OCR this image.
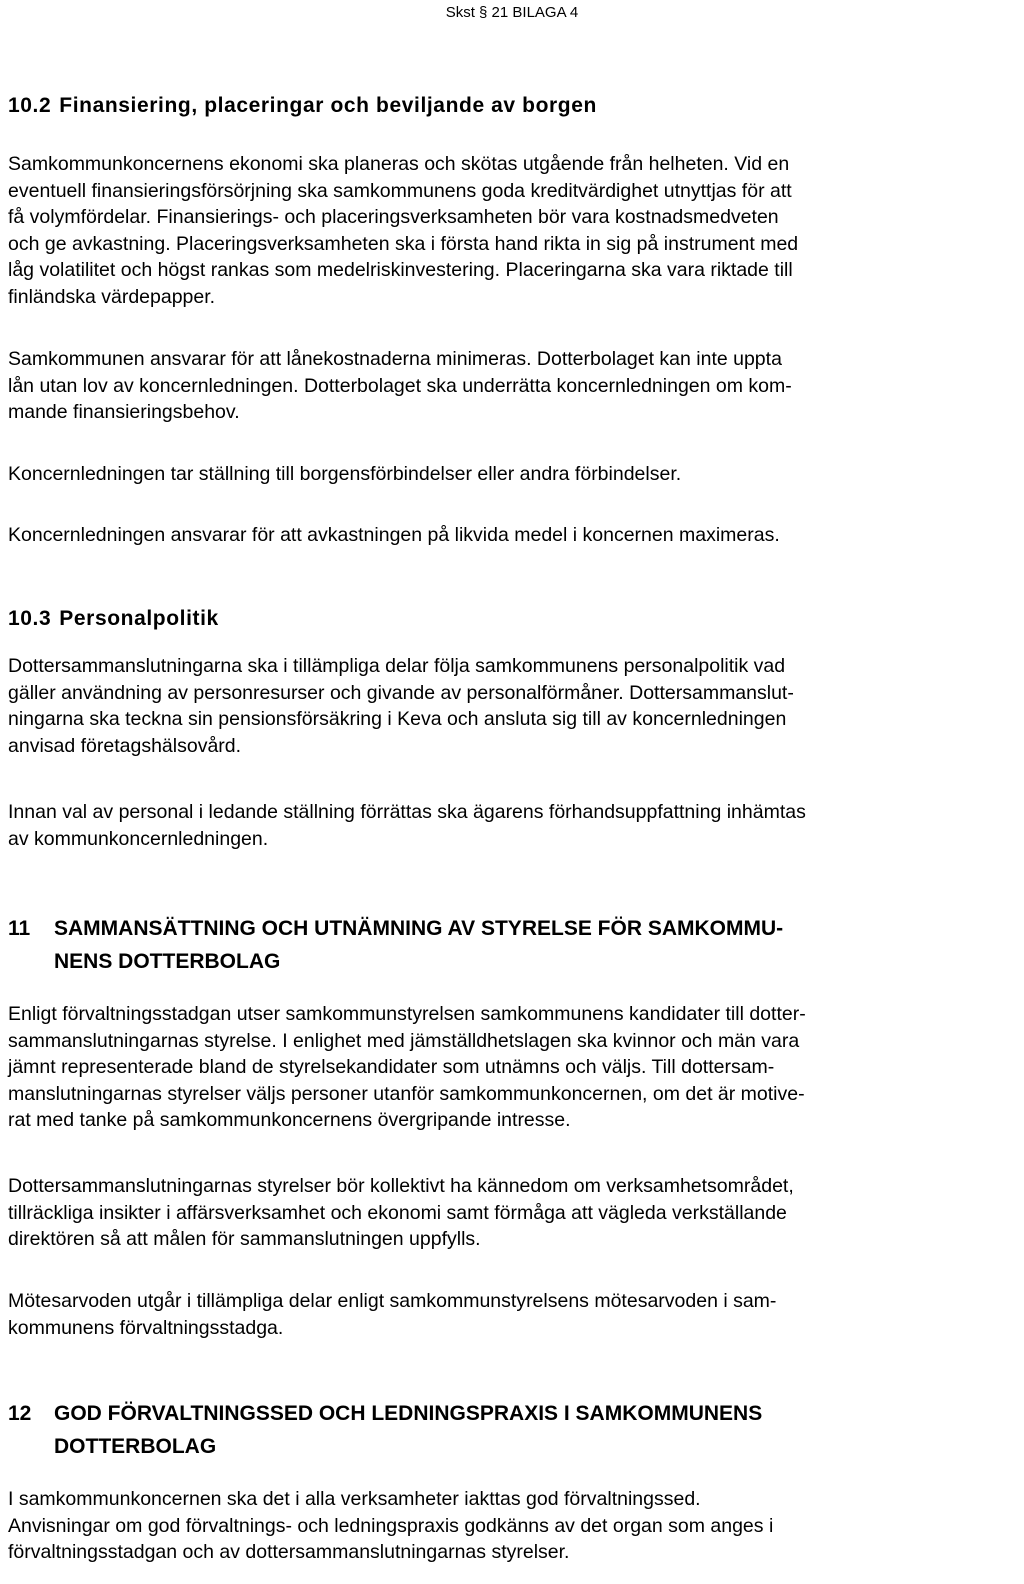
Skst § 21 BILAGA 4
10.2 Finansiering, placeringar och beviljande av borgen
Samkommunkoncernens ekonomi ska planeras och skötas utgående från helheten. Vid en
eventuell finansieringsförsörjning ska samkommunens goda kreditvärdighet utnyttjas för att
få volymfördelar. Finansierings- och placeringsverksamheten bör vara kostnadsmedveten
och ge avkastning. Placeringsverksamheten ska i första hand rikta in sig på instrument med
låg volatilitet och högst rankas som medelriskinvestering. Placeringarna ska vara riktade till
finländska värdepapper.
Samkommunen ansvarar för att lånekostnaderna minimeras. Dotterbolaget kan inte uppta
lån utan lov av koncernledningen. Dotterbolaget ska underrätta koncernledningen om kom-
mande finansieringsbehov.
Koncernledningen tar ställning till borgensförbindelser eller andra förbindelser.
Koncernledningen ansvarar för att avkastningen på likvida medel i koncernen maximeras.
10.3 Personalpolitik
Dottersammanslutningarna ska i tillämpliga delar följa samkommunens personalpolitik vad
gäller användning av personresurser och givande av personalförmåner. Dottersammanslut-
ningarna ska teckna sin pensionsförsäkring i Keva och ansluta sig till av koncernledningen
anvisad företagshälsovård.
Innan val av personal i ledande ställning förrättas ska ägarens förhandsuppfattning inhämtas
av kommunkoncernledningen.
11	SAMMANSÄTTNING OCH UTNÄMNING AV STYRELSE FÖR SAMKOMMU-
NENS DOTTERBOLAG
Enligt förvaltningsstadgan utser samkommunstyrelsen samkommunens kandidater till dotter-
sammanslutningarnas styrelse. I enlighet med jämställdhetslagen ska kvinnor och män vara
jämnt representerade bland de styrelsekandidater som utnämns och väljs. Till dottersam-
manslutningarnas styrelser väljs personer utanför samkommunkoncernen, om det är motive-
rat med tanke på samkommunkoncernens övergripande intresse.
Dottersammanslutningarnas styrelser bör kollektivt ha kännedom om verksamhetsområdet,
tillräckliga insikter i affärsverksamhet och ekonomi samt förmåga att vägleda verkställande
direktören så att målen för sammanslutningen uppfylls.
Mötesarvoden utgår i tillämpliga delar enligt samkommunstyrelsens mötesarvoden i sam-
kommunens förvaltningsstadga.
12	GOD FÖRVALTNINGSSED OCH LEDNINGSPRAXIS I SAMKOMMUNENS
DOTTERBOLAG
I samkommunkoncernen ska det i alla verksamheter iakttas god förvaltningssed.
Anvisningar om god förvaltnings- och ledningspraxis godkänns av det organ som anges i
förvaltningsstadgan och av dottersammanslutningarnas styrelser.
